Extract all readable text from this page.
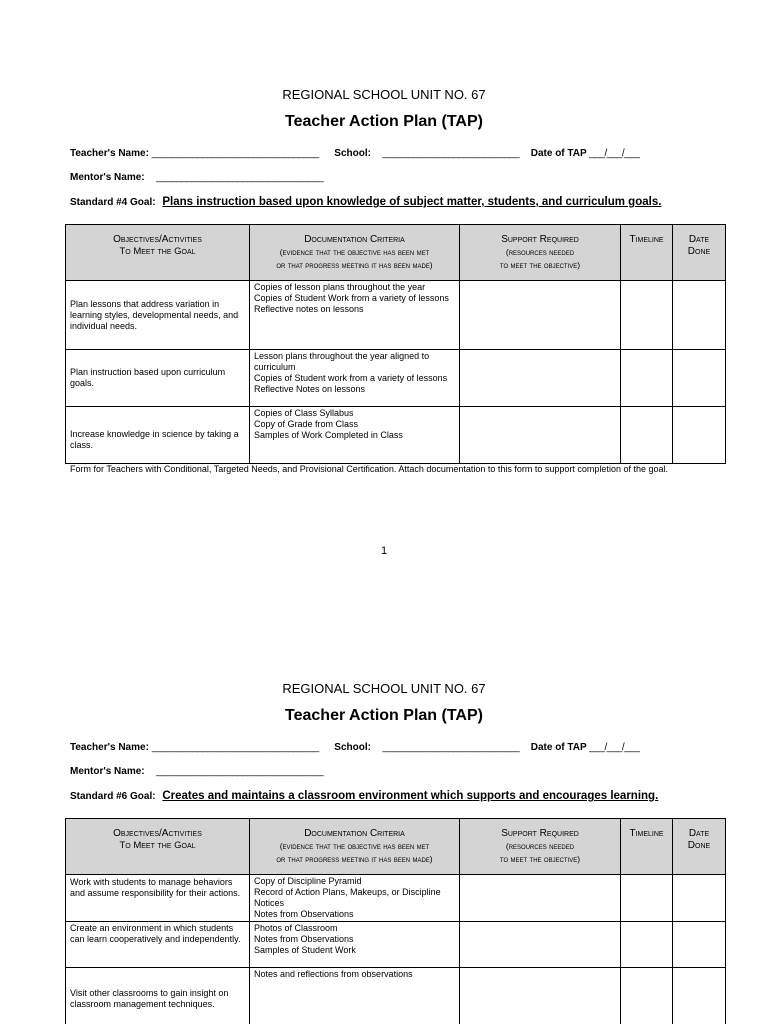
REGIONAL SCHOOL UNIT NO. 67
Teacher Action Plan (TAP)
Teacher's Name: _________________________________ School: ___________________________ Date of TAP ___/___/___
Mentor's Name: _________________________________
Standard #4 Goal: Plans instruction based upon knowledge of subject matter, students, and curriculum goals.
Objectives/Activities
To Meet the Goal	Documentation Criteria
(evidence that the objective has been met
or that progress meeting it has been made)	Support Required
(resources needed
to meet the objective)	Timeline	Date
Done
Plan lessons that address variation in learning styles, developmental needs, and individual needs.	Copies of lesson plans throughout the year
Copies of Student Work from a variety of lessons
Reflective notes on lessons			

Plan instruction based upon curriculum goals.	Lesson plans throughout the year aligned to curriculum
Copies of Student work from a variety of lessons
Reflective Notes on lessons			

Increase knowledge in science by taking a class.	Copies of Class Syllabus
Copy of Grade from Class
Samples of Work Completed in Class			

Form for Teachers with Conditional, Targeted Needs, and Provisional Certification. Attach documentation to this form to support completion of the goal.
1
REGIONAL SCHOOL UNIT NO. 67
Teacher Action Plan (TAP)
Teacher's Name: _________________________________ School: ___________________________ Date of TAP ___/___/___
Mentor's Name: _________________________________
Standard #6 Goal: Creates and maintains a classroom environment which supports and encourages learning.
Objectives/Activities
To Meet the Goal	Documentation Criteria
(evidence that the objective has been met
or that progress meeting it has been made)	Support Required
(resources needed
to meet the objective)	Timeline	Date
Done
Work with students to manage behaviors and assume responsibility for their actions.	Copy of Discipline Pyramid
Record of Action Plans, Makeups, or Discipline Notices
Notes from Observations			

Create an environment in which students can learn cooperatively and independently.	Photos of Classroom
Notes from Observations
Samples of Student Work			

Visit other classrooms to gain insight on classroom management techniques.	Notes and reflections from observations			
